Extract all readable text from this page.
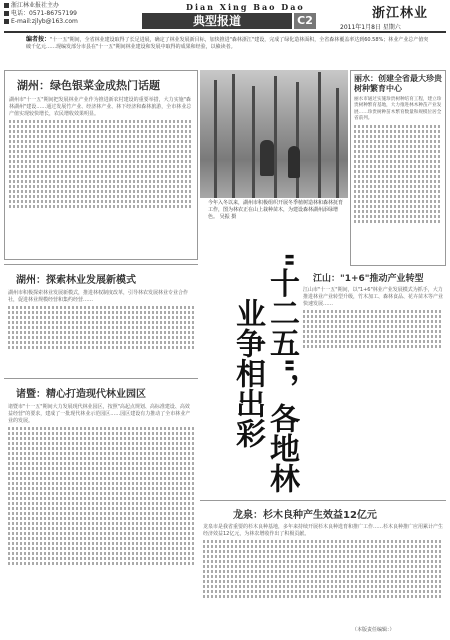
浙江林业报社主办
电话：0571-86757199
E-mail:zjlyb@163.com
Dian Xing Bao Dao
典型报道	C2	浙江林业
2011年1月8日 星期六
编者按："十一五"期间，全省林业建设取得了长足进展，确定了林业发展新目标，加快推进"森林浙江"建设，完成了绿化造林面积，全省森林覆盖率达到60.58%；林业产业总产值突破千亿元……现编发部分市县在"十一五"期间林业建设和发展中取得的成果和经验，以飨读者。
湖州：绿色银菜金成热门话题
湖州市"十一五"期间把发展林业产业作为推进新农村建设的重要举措，大力实施"森林湖州"建设……通过发展竹产业、经济林产业、林下经济和森林旅游，全市林业总产值实现较快增长，农民增收效果明显。
今年入冬以来，湖州市积极组织开展冬季植树造林和森林抚育工作，图为林农正在山上栽种苗木，为建设森林湖州添绿增色。 吴振 摄
丽水：创建全省最大珍贵树种繁育中心
丽水市通过实施珍贵树种培育工程，建立珍贵树种繁育基地，大力推进林木种苗产业发展……珍贵树种苗木繁育数量和规模位居全省前列。
湖州：探索林业发展新模式
湖州市积极探索林业发展新模式，推进林权制度改革，引导林农发展林业专业合作社，促进林业规模经营和集约经营……
诸暨：精心打造现代林业园区
诸暨市"十一五"期间大力发展现代林业园区，按照"高起点规划、高标准建设、高效益经营"的要求，建成了一批现代林业示范园区……园区建设有力推动了全市林业产业的发展。
"十二五"，各地林业争相出彩
江山："1+6"推动产业转型
江山市"十一五"期间，以"1+6"林业产业发展模式为抓手，大力推进林业产业转型升级，竹木加工、森林食品、花卉苗木等产业快速发展……
龙泉：杉木良种产生效益12亿元
龙泉市是我省重要的杉木良种基地，多年来持续开展杉木良种选育和推广工作……杉木良种推广应用累计产生经济效益12亿元，为林农增收作出了积极贡献。
（本版责任编辑：）
